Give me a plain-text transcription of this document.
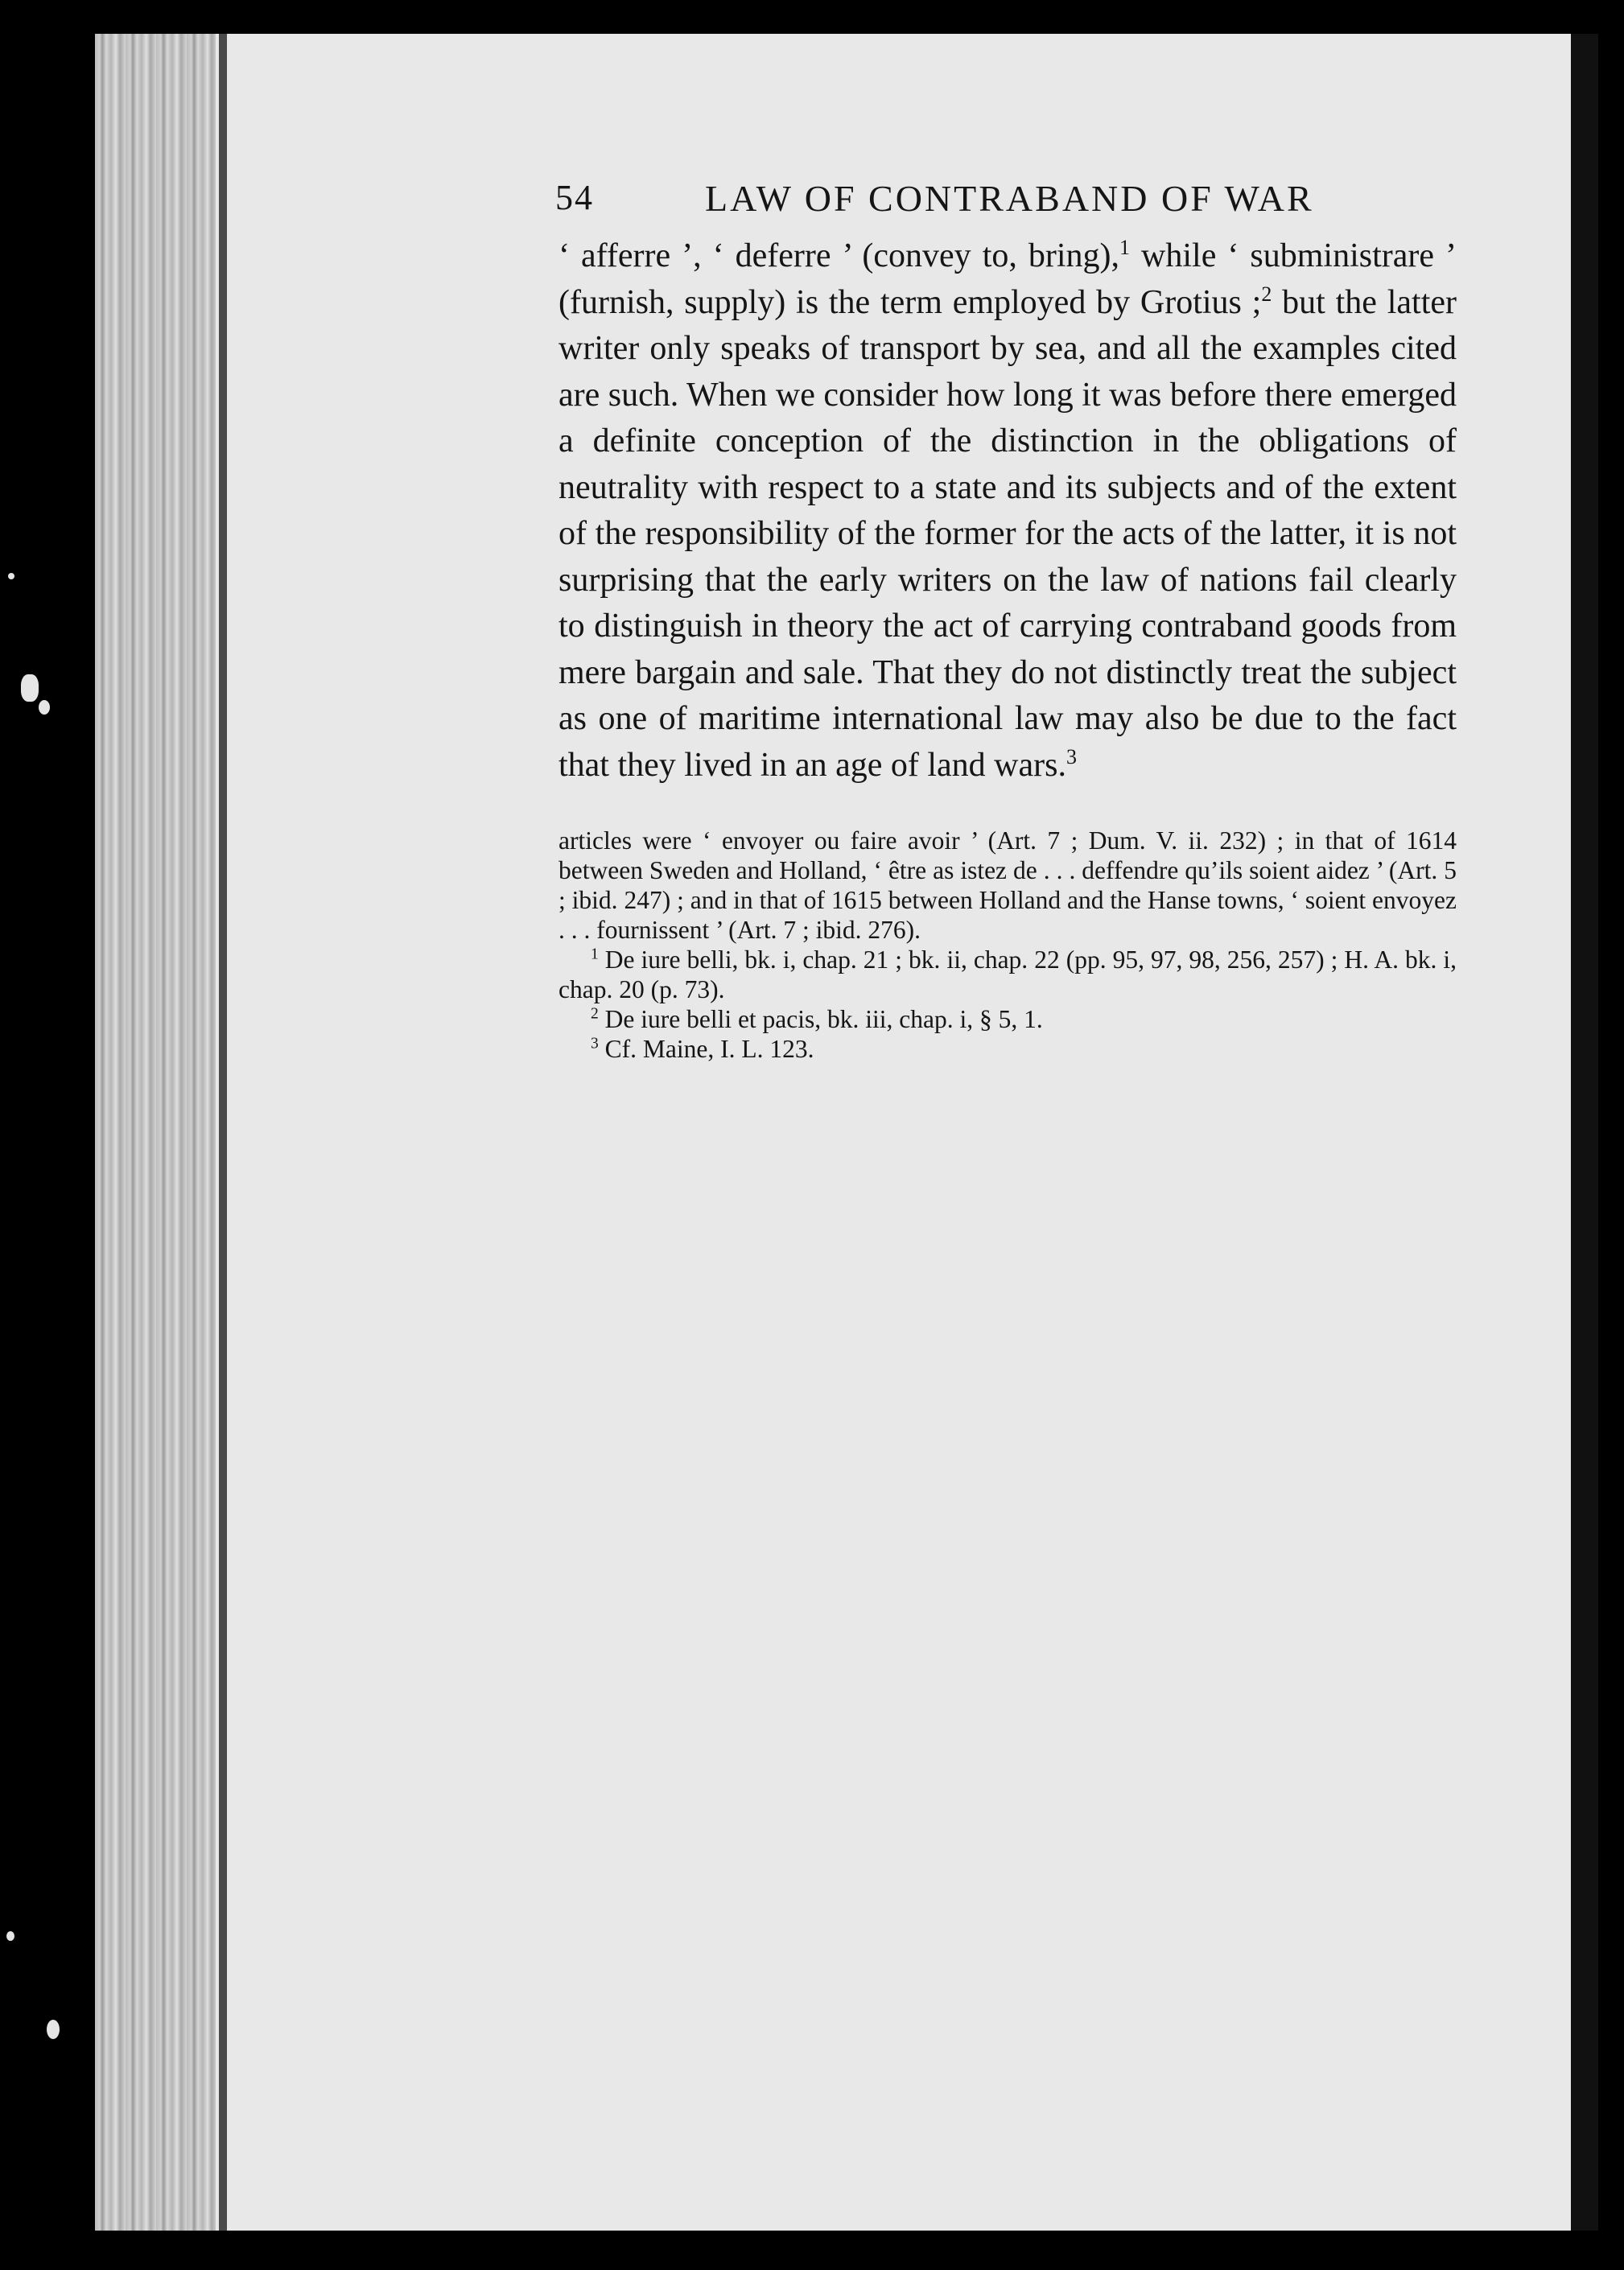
54	LAW OF CONTRABAND OF WAR

‘ afferre ’, ‘ deferre ’ (convey to, bring),$^1$ while ‘ subministrare ’ (furnish, supply) is the term employed by Grotius ;$^2$ but the latter writer only speaks of transport by sea, and all the examples cited are such. When we consider how long it was before there emerged a definite conception of the distinction in the obligations of neutrality with respect to a state and its subjects and of the extent of the responsibility of the former for the acts of the latter, it is not surprising that the early writers on the law of nations fail clearly to distinguish in theory the act of carrying contraband goods from mere bargain and sale. That they do not distinctly treat the subject as one of maritime international law may also be due to the fact that they lived in an age of land wars.$^3$

articles were ‘ envoyer ou faire avoir ’ (Art. 7 ; Dum. V. ii. 232) ; in that of 1614 between Sweden and Holland, ‘ être as istez de . . . deffendre qu’ils soient aidez ’ (Art. 5 ; ibid. 247) ; and in that of 1615 between Holland and the Hanse towns, ‘ soient envoyez . . . fournissent ’ (Art. 7 ; ibid. 276).

$^1$ De iure belli, bk. i, chap. 21 ; bk. ii, chap. 22 (pp. 95, 97, 98, 256, 257) ; H. A. bk. i, chap. 20 (p. 73).

$^2$ De iure belli et pacis, bk. iii, chap. i, § 5, 1.

$^3$ Cf. Maine, I. L. 123.
